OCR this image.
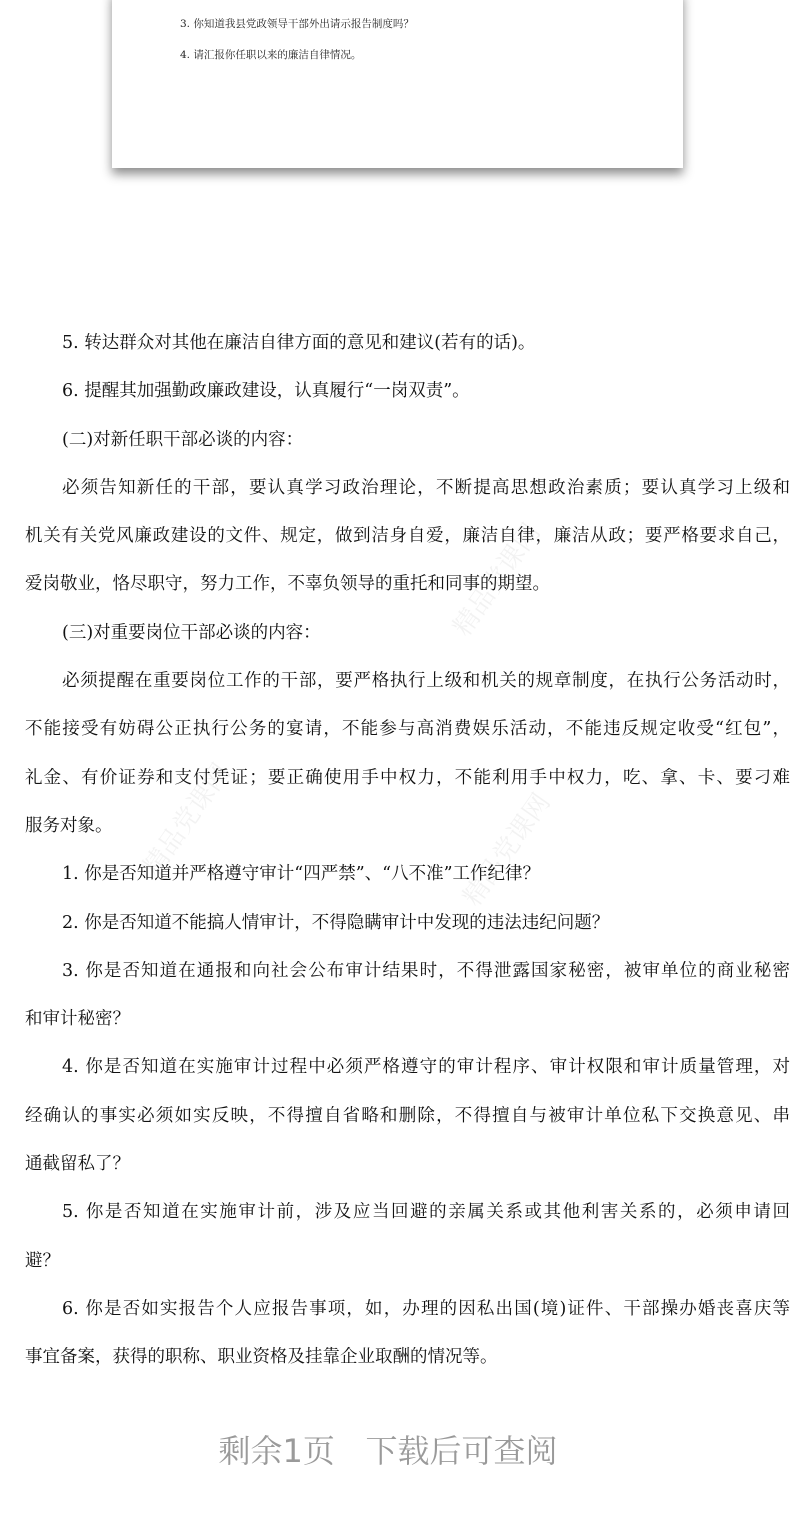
精品党课网
精品党课网	精品党课网
3. 你知道我县党政领导干部外出请示报告制度吗？
4. 请汇报你任职以来的廉洁自律情况。
5. 转达群众对其他在廉洁自律方面的意见和建议(若有的话)。
6. 提醒其加强勤政廉政建设，认真履行“一岗双责”。
(二)对新任职干部必谈的内容：
必须告知新任的干部，要认真学习政治理论，不断提高思想政治素质；要认真学习上级和
机关有关党风廉政建设的文件、规定，做到洁身自爱，廉洁自律，廉洁从政；要严格要求自己，
爱岗敬业，恪尽职守，努力工作，不辜负领导的重托和同事的期望。
(三)对重要岗位干部必谈的内容：
必须提醒在重要岗位工作的干部，要严格执行上级和机关的规章制度，在执行公务活动时，
不能接受有妨碍公正执行公务的宴请，不能参与高消费娱乐活动，不能违反规定收受“红包”，
礼金、有价证券和支付凭证；要正确使用手中权力，不能利用手中权力，吃、拿、卡、要刁难
服务对象。
1. 你是否知道并严格遵守审计“四严禁”、“八不准”工作纪律？
2. 你是否知道不能搞人情审计，不得隐瞒审计中发现的违法违纪问题？
3. 你是否知道在通报和向社会公布审计结果时，不得泄露国家秘密，被审单位的商业秘密
和审计秘密？
4. 你是否知道在实施审计过程中必须严格遵守的审计程序、审计权限和审计质量管理，对
经确认的事实必须如实反映，不得擅自省略和删除，不得擅自与被审计单位私下交换意见、串
通截留私了？
5. 你是否知道在实施审计前，涉及应当回避的亲属关系或其他利害关系的，必须申请回
避？
6. 你是否如实报告个人应报告事项，如，办理的因私出国(境)证件、干部操办婚丧喜庆等
事宜备案，获得的职称、职业资格及挂靠企业取酬的情况等。
剩余1页 下载后可查阅
